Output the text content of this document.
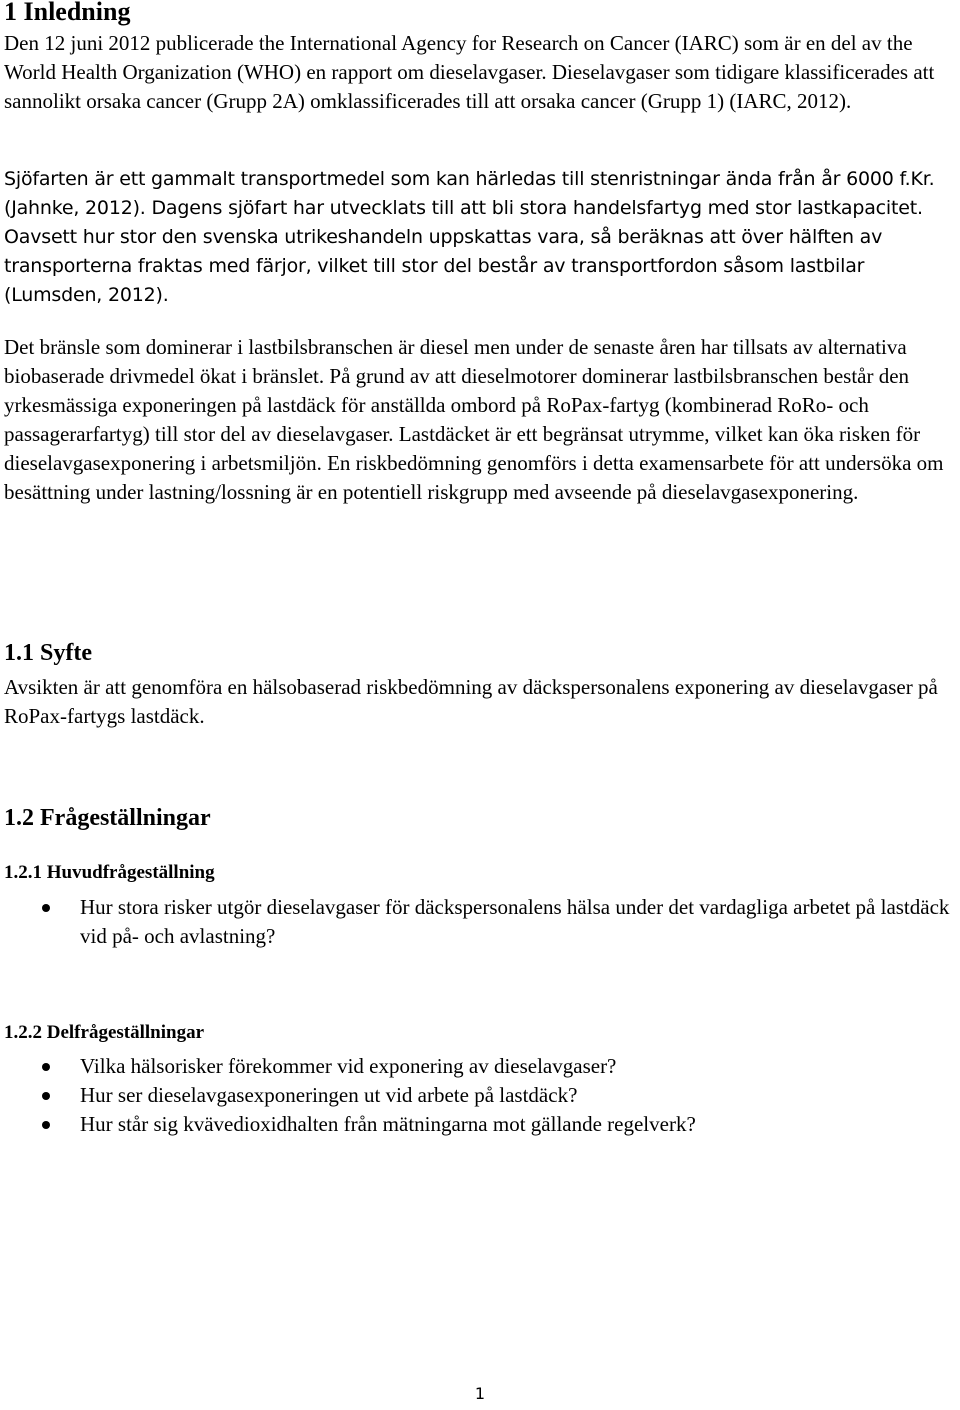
1 Inledning

Den 12 juni 2012 publicerade the International Agency for Research on Cancer (IARC) som är en del av the World Health Organization (WHO) en rapport om dieselavgaser. Dieselavgaser som tidigare klassificerades att sannolikt orsaka cancer (Grupp 2A) omklassificerades till att orsaka cancer (Grupp 1) (IARC, 2012).

Sjöfarten är ett gammalt transportmedel som kan härledas till stenristningar ända från år 6000 f.Kr. (Jahnke, 2012). Dagens sjöfart har utvecklats till att bli stora handelsfartyg med stor lastkapacitet. Oavsett hur stor den svenska utrikeshandeln uppskattas vara, så beräknas att över hälften av transporterna fraktas med färjor, vilket till stor del består av transportfordon såsom lastbilar (Lumsden, 2012).

Det bränsle som dominerar i lastbilsbranschen är diesel men under de senaste åren har tillsats av alternativa biobaserade drivmedel ökat i bränslet. På grund av att dieselmotorer dominerar lastbilsbranschen består den yrkesmässiga exponeringen på lastdäck för anställda ombord på RoPax-fartyg (kombinerad RoRo- och passagerarfartyg) till stor del av dieselavgaser. Lastdäcket är ett begränsat utrymme, vilket kan öka risken för dieselavgasexponering i arbetsmiljön. En riskbedömning genomförs i detta examensarbete för att undersöka om besättning under lastning/lossning är en potentiell riskgrupp med avseende på dieselavgasexponering.

1.1 Syfte

Avsikten är att genomföra en hälsobaserad riskbedömning av däckspersonalens exponering av dieselavgaser på RoPax-fartygs lastdäck.

1.2 Frågeställningar
1.2.1 Huvudfrågeställning
Hur stora risker utgör dieselavgaser för däckspersonalens hälsa under det vardagliga arbetet på lastdäck vid på- och avlastning?
1.2.2 Delfrågeställningar
Vilka hälsorisker förekommer vid exponering av dieselavgaser?
Hur ser dieselavgasexponeringen ut vid arbete på lastdäck?
Hur står sig kvävedioxidhalten från mätningarna mot gällande regelverk?
1
